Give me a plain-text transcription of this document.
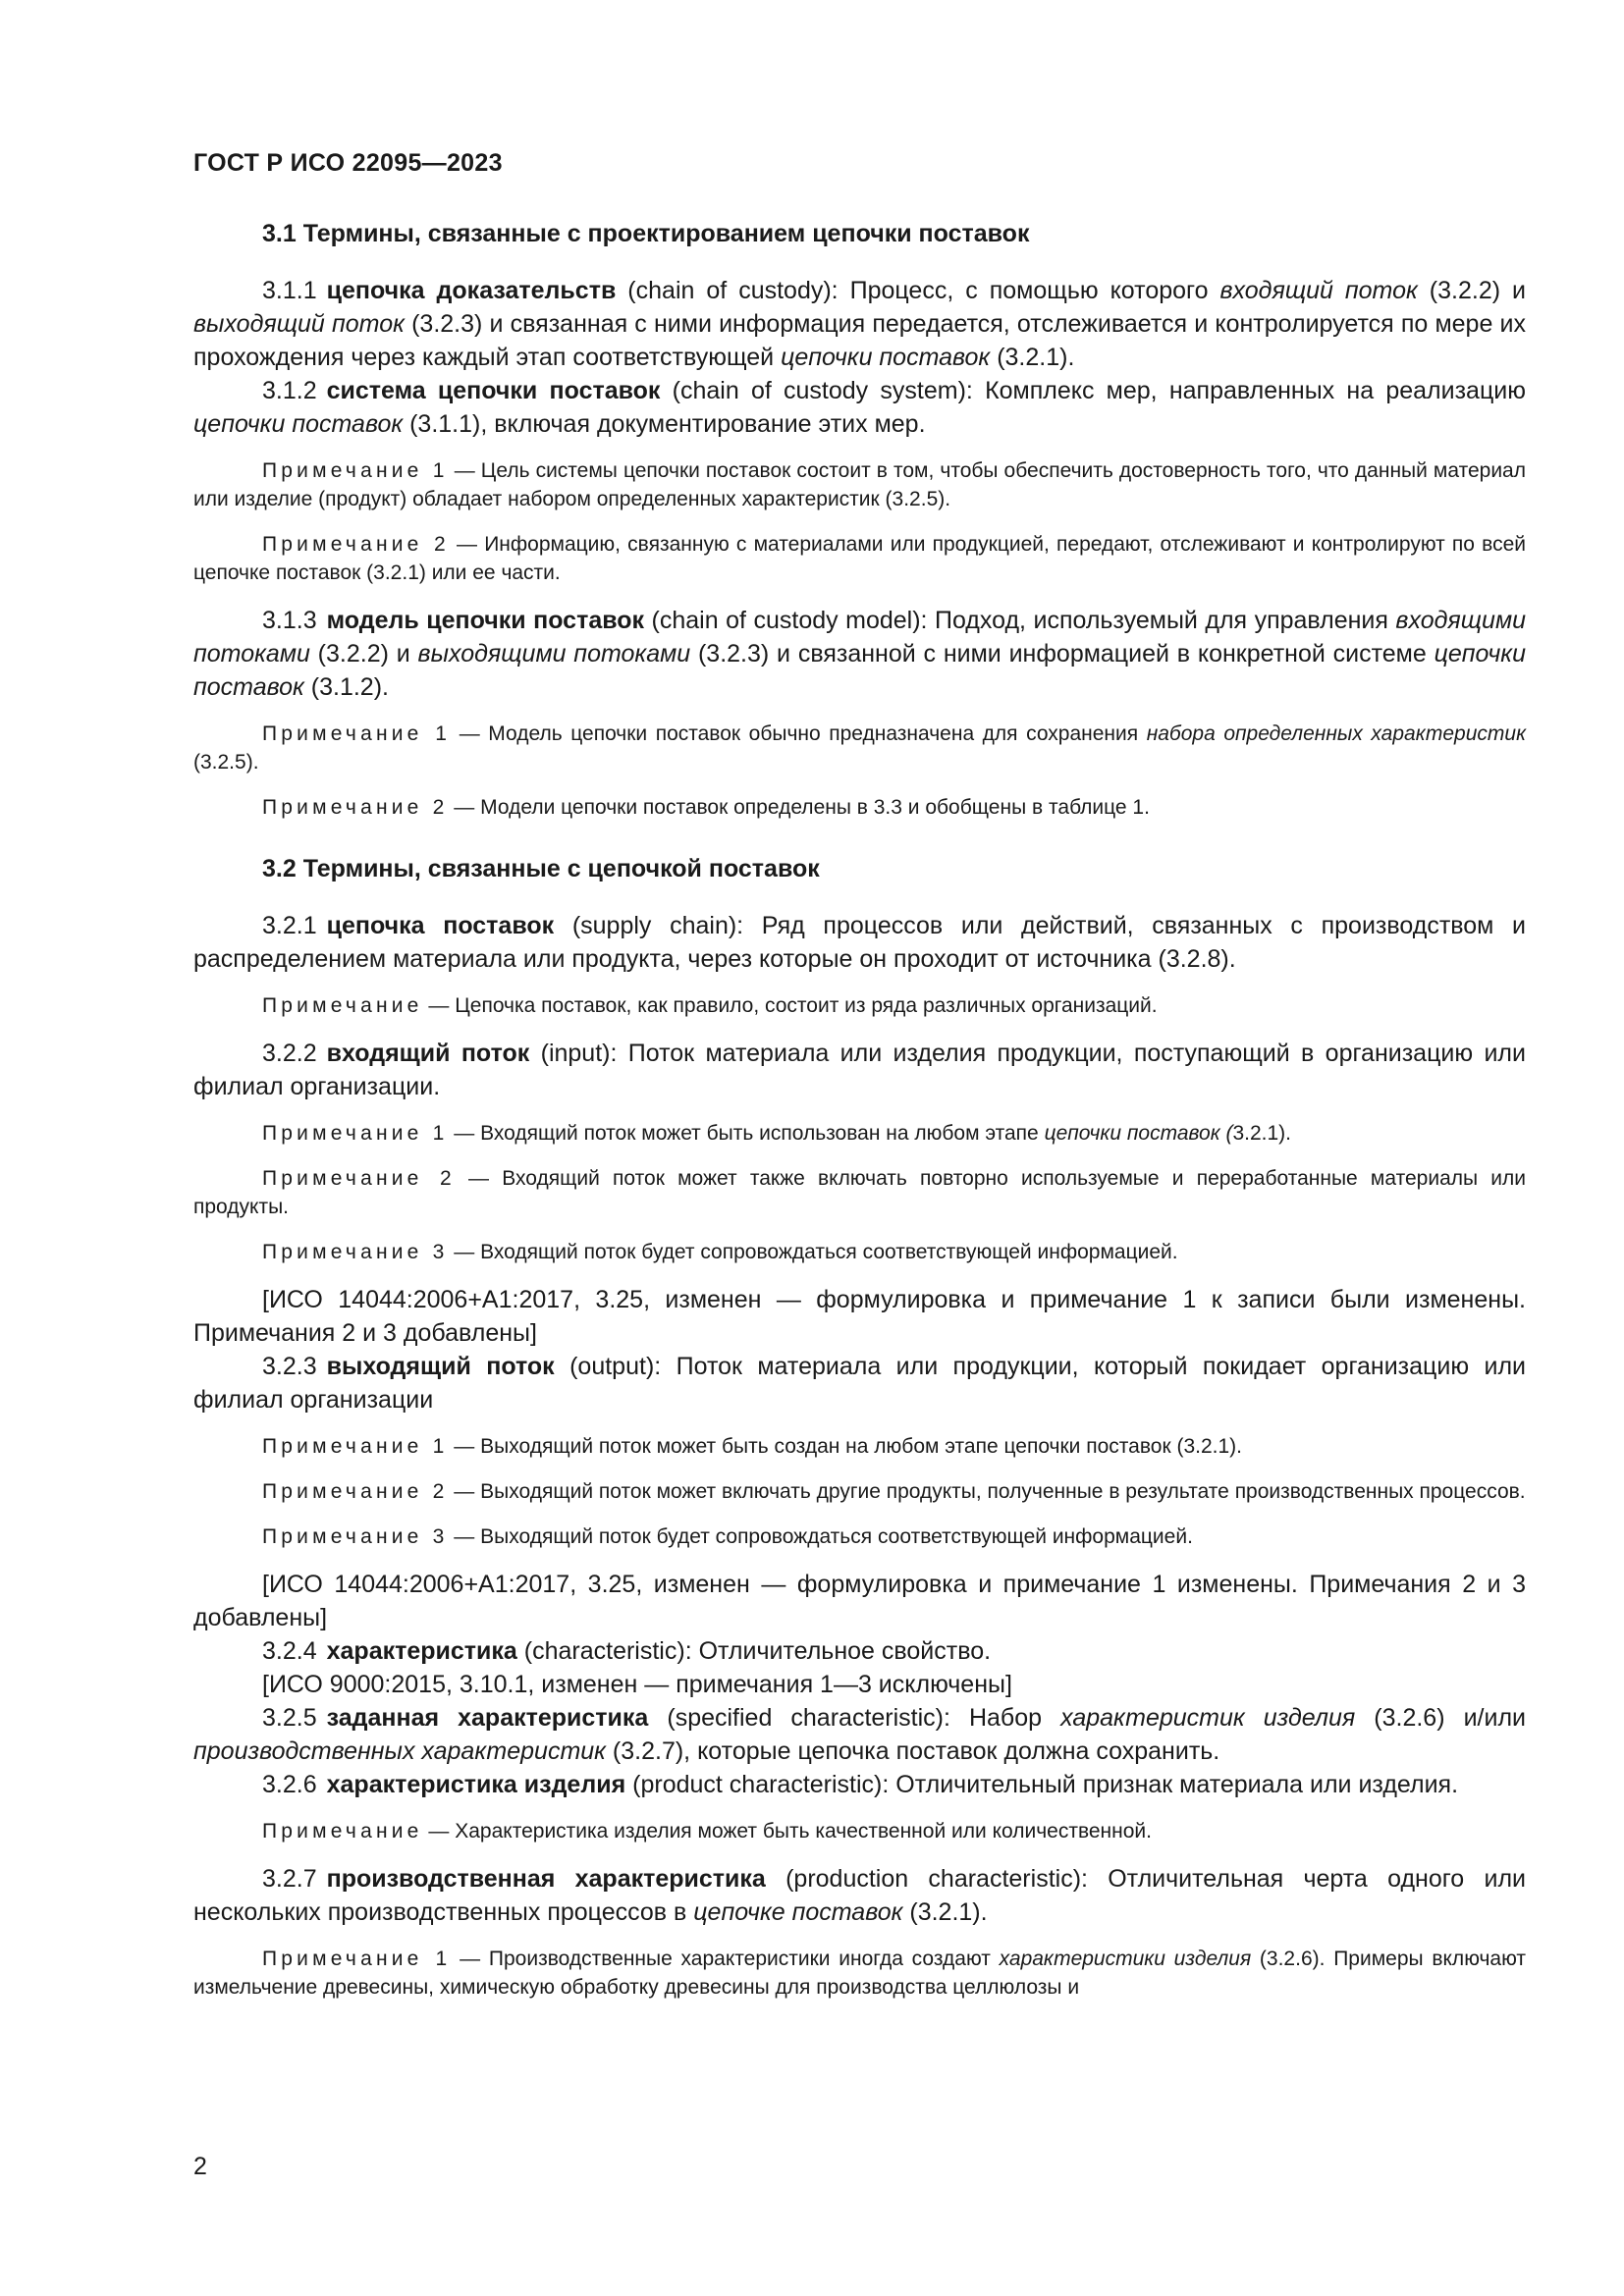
ГОСТ Р ИСО 22095—2023

3.1 Термины, связанные с проектированием цепочки поставок

3.1.1 цепочка доказательств (chain of custody): Процесс, с помощью которого входящий поток (3.2.2) и выходящий поток (3.2.3) и связанная с ними информация передается, отслеживается и контролируется по мере их прохождения через каждый этап соответствующей цепочки поставок (3.2.1).

3.1.2 система цепочки поставок (chain of custody system): Комплекс мер, направленных на реализацию цепочки поставок (3.1.1), включая документирование этих мер.

Примечание 1 — Цель системы цепочки поставок состоит в том, чтобы обеспечить достоверность того, что данный материал или изделие (продукт) обладает набором определенных характеристик (3.2.5).

Примечание 2 — Информацию, связанную с материалами или продукцией, передают, отслеживают и контролируют по всей цепочке поставок (3.2.1) или ее части.

3.1.3 модель цепочки поставок (chain of custody model): Подход, используемый для управления входящими потоками (3.2.2) и выходящими потоками (3.2.3) и связанной с ними информацией в конкретной системе цепочки поставок (3.1.2).

Примечание 1 — Модель цепочки поставок обычно предназначена для сохранения набора определенных характеристик (3.2.5).

Примечание 2 — Модели цепочки поставок определены в 3.3 и обобщены в таблице 1.

3.2 Термины, связанные с цепочкой поставок

3.2.1 цепочка поставок (supply chain): Ряд процессов или действий, связанных с производством и распределением материала или продукта, через которые он проходит от источника (3.2.8).

Примечание — Цепочка поставок, как правило, состоит из ряда различных организаций.

3.2.2 входящий поток (input): Поток материала или изделия продукции, поступающий в организацию или филиал организации.

Примечание 1 — Входящий поток может быть использован на любом этапе цепочки поставок (3.2.1).

Примечание 2 — Входящий поток может также включать повторно используемые и переработанные материалы или продукты.

Примечание 3 — Входящий поток будет сопровождаться соответствующей информацией.

[ИСО 14044:2006+A1:2017, 3.25, изменен — формулировка и примечание 1 к записи были изменены. Примечания 2 и 3 добавлены]

3.2.3 выходящий поток (output): Поток материала или продукции, который покидает организацию или филиал организации

Примечание 1 — Выходящий поток может быть создан на любом этапе цепочки поставок (3.2.1).

Примечание 2 — Выходящий поток может включать другие продукты, полученные в результате производственных процессов.

Примечание 3 — Выходящий поток будет сопровождаться соответствующей информацией.

[ИСО 14044:2006+A1:2017, 3.25, изменен — формулировка и примечание 1 изменены. Примечания 2 и 3 добавлены]

3.2.4 характеристика (characteristic): Отличительное свойство.

[ИСО 9000:2015, 3.10.1, изменен — примечания 1—3 исключены]

3.2.5 заданная характеристика (specified characteristic): Набор характеристик изделия (3.2.6) и/или производственных характеристик (3.2.7), которые цепочка поставок должна сохранить.

3.2.6 характеристика изделия (product characteristic): Отличительный признак материала или изделия.

Примечание — Характеристика изделия может быть качественной или количественной.

3.2.7 производственная характеристика (production characteristic): Отличительная черта одного или нескольких производственных процессов в цепочке поставок (3.2.1).

Примечание 1 — Производственные характеристики иногда создают характеристики изделия (3.2.6). Примеры включают измельчение древесины, химическую обработку древесины для производства целлюлозы и

2
